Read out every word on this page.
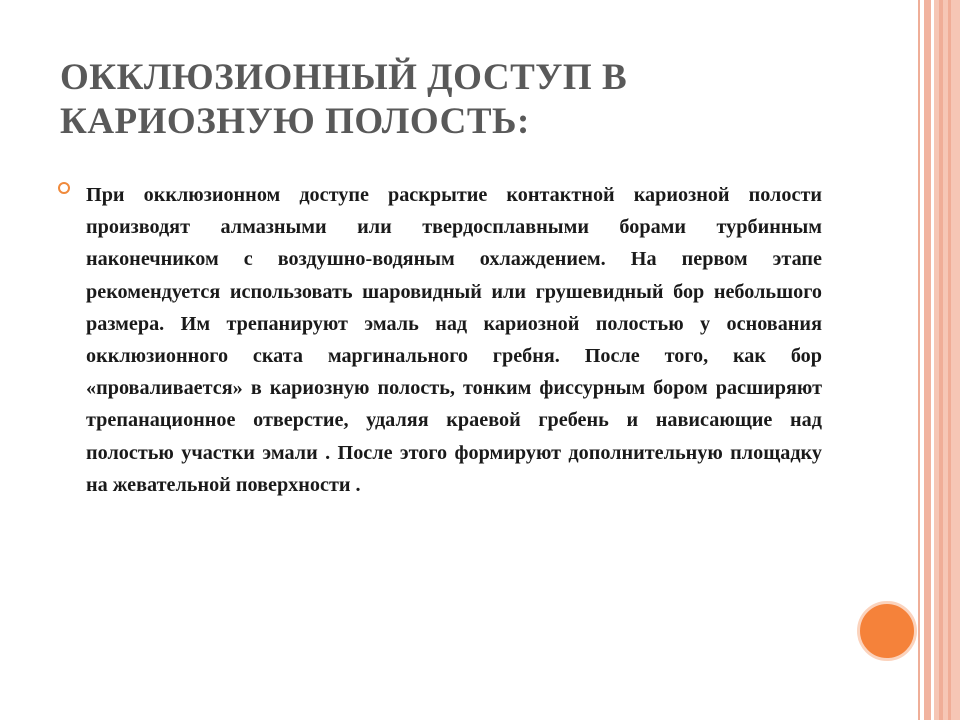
ОККЛЮЗИОННЫЙ ДОСТУП В КАРИОЗНУЮ ПОЛОСТЬ:

При окклюзионном доступе раскрытие контактной кариозной полости производят алмазными или твердосплавными борами турбинным наконечником с воздушно-водяным охлаждением. На первом этапе рекомендуется использовать шаровидный или грушевидный бор небольшого размера. Им трепанируют эмаль над кариозной полостью у основания окклюзионного ската маргинального гребня. После того, как бор «проваливается» в кариозную полость, тонким фиссурным бором расширяют трепанационное отверстие, удаляя краевой гребень и нависающие над полостью участки эмали . После этого формируют дополнительную площадку на жевательной поверхности .
